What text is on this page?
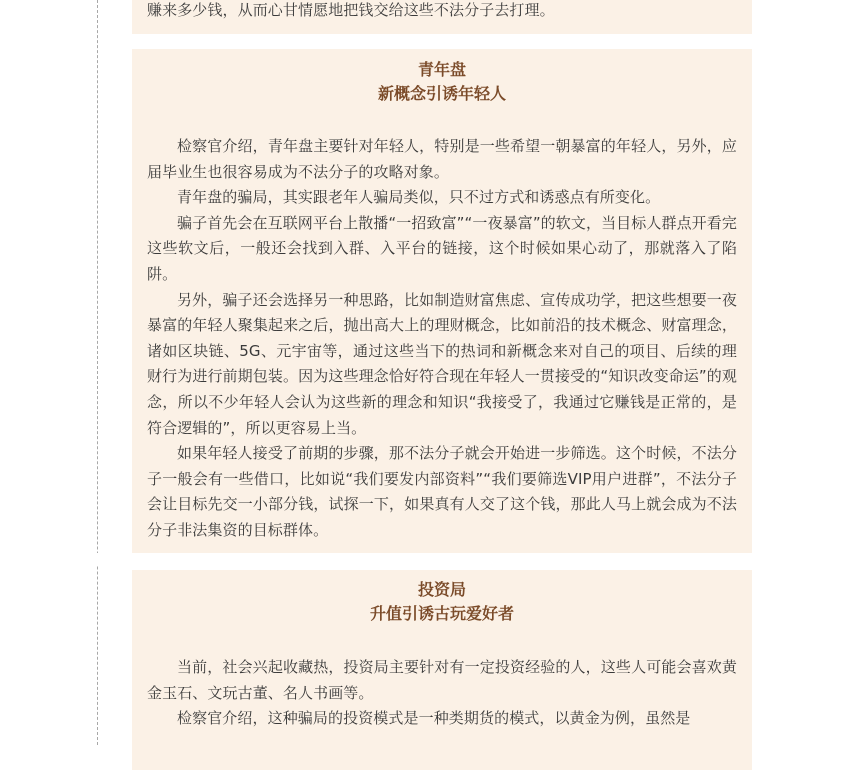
赚来多少钱，从而心甘情愿地把钱交给这些不法分子去打理。

青年盘

新概念引诱年轻人

检察官介绍，青年盘主要针对年轻人，特别是一些希望一朝暴富的年轻人，另外，应届毕业生也很容易成为不法分子的攻略对象。

青年盘的骗局，其实跟老年人骗局类似，只不过方式和诱惑点有所变化。

骗子首先会在互联网平台上散播“一招致富”“一夜暴富”的软文，当目标人群点开看完这些软文后，一般还会找到入群、入平台的链接，这个时候如果心动了，那就落入了陷阱。

另外，骗子还会选择另一种思路，比如制造财富焦虑、宣传成功学，把这些想要一夜暴富的年轻人聚集起来之后，抛出高大上的理财概念，比如前沿的技术概念、财富理念，诸如区块链、5G、元宇宙等，通过这些当下的热词和新概念来对自己的项目、后续的理财行为进行前期包装。因为这些理念恰好符合现在年轻人一贯接受的“知识改变命运”的观念，所以不少年轻人会认为这些新的理念和知识“我接受了，我通过它赚钱是正常的，是符合逻辑的”，所以更容易上当。

如果年轻人接受了前期的步骤，那不法分子就会开始进一步筛选。这个时候，不法分子一般会有一些借口，比如说“我们要发内部资料”“我们要筛选VIP用户进群”，不法分子会让目标先交一小部分钱，试探一下，如果真有人交了这个钱，那此人马上就会成为不法分子非法集资的目标群体。

投资局

升值引诱古玩爱好者

当前，社会兴起收藏热，投资局主要针对有一定投资经验的人，这些人可能会喜欢黄金玉石、文玩古董、名人书画等。

检察官介绍，这种骗局的投资模式是一种类期货的模式，以黄金为例，虽然是
